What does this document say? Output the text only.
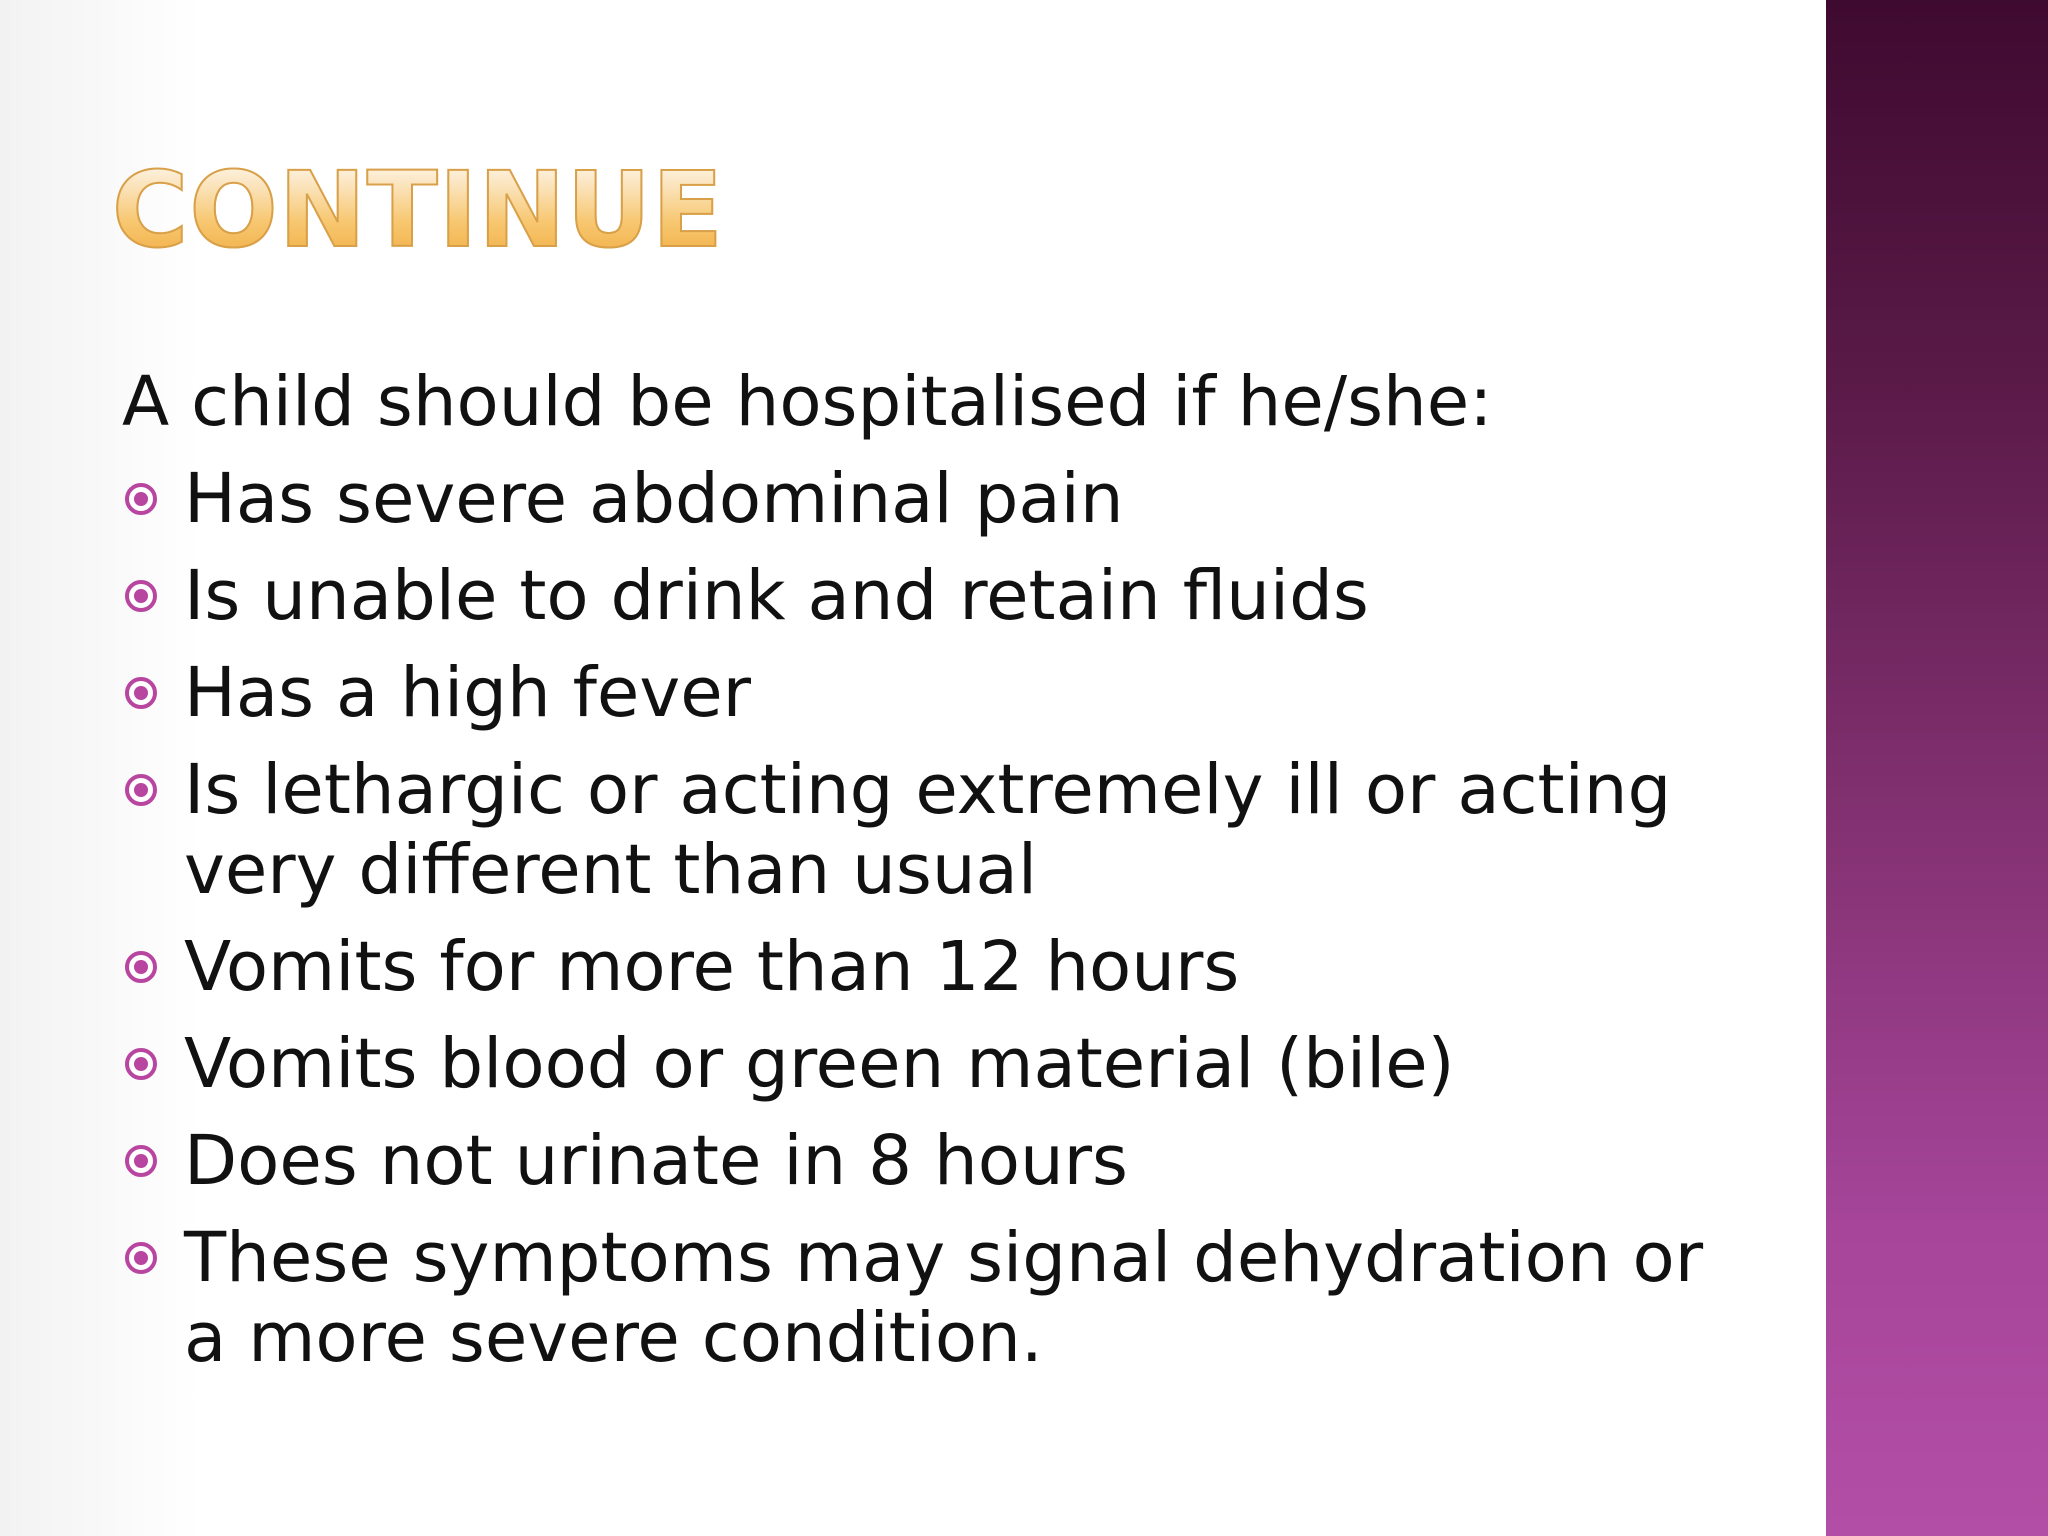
CONTINUE

A child should be hospitalised if he/she:

Has severe abdominal pain
Is unable to drink and retain fluids
Has a high fever
Is lethargic or acting extremely ill or acting very different than usual
Vomits for more than 12 hours
Vomits blood or green material (bile)
Does not urinate in 8 hours
These symptoms may signal dehydration or a more severe condition.
